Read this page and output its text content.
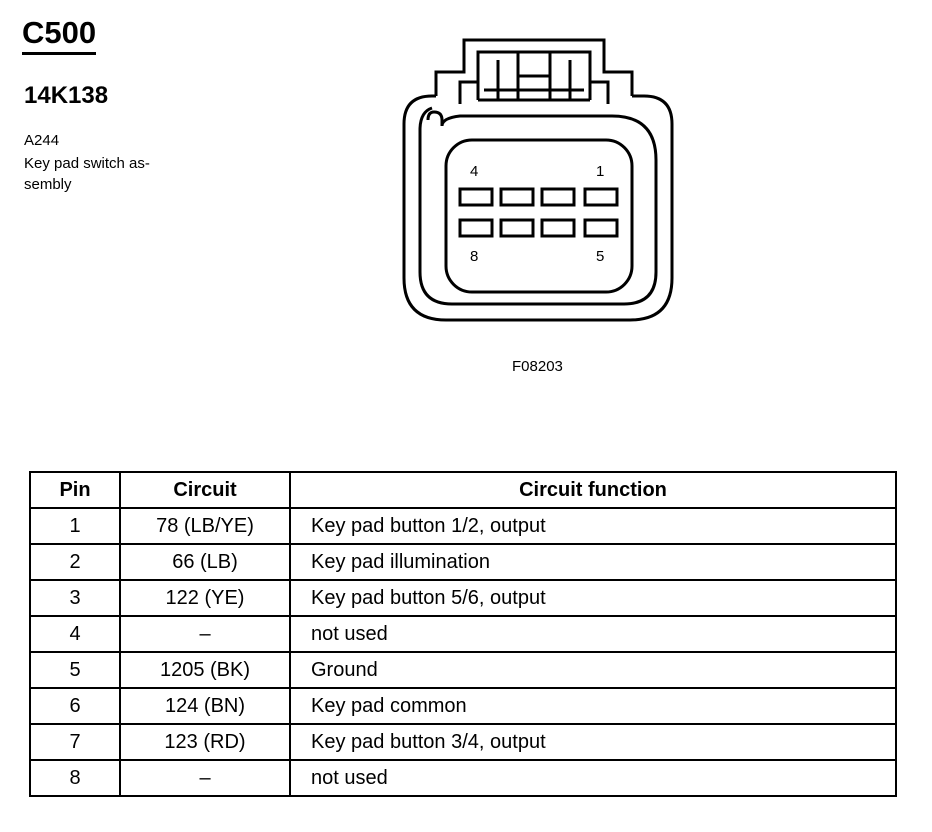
C500
14K138
A244
Key pad switch as-sembly
4	1
8	5
F08203
Pin	Circuit	Circuit function
1	78 (LB/YE)	Key pad button 1/2, output
2	66 (LB)	Key pad illumination
3	122 (YE)	Key pad button 5/6, output
4	–	not used
5	1205 (BK)	Ground
6	124 (BN)	Key pad common
7	123 (RD)	Key pad button 3/4, output
8	–	not used
